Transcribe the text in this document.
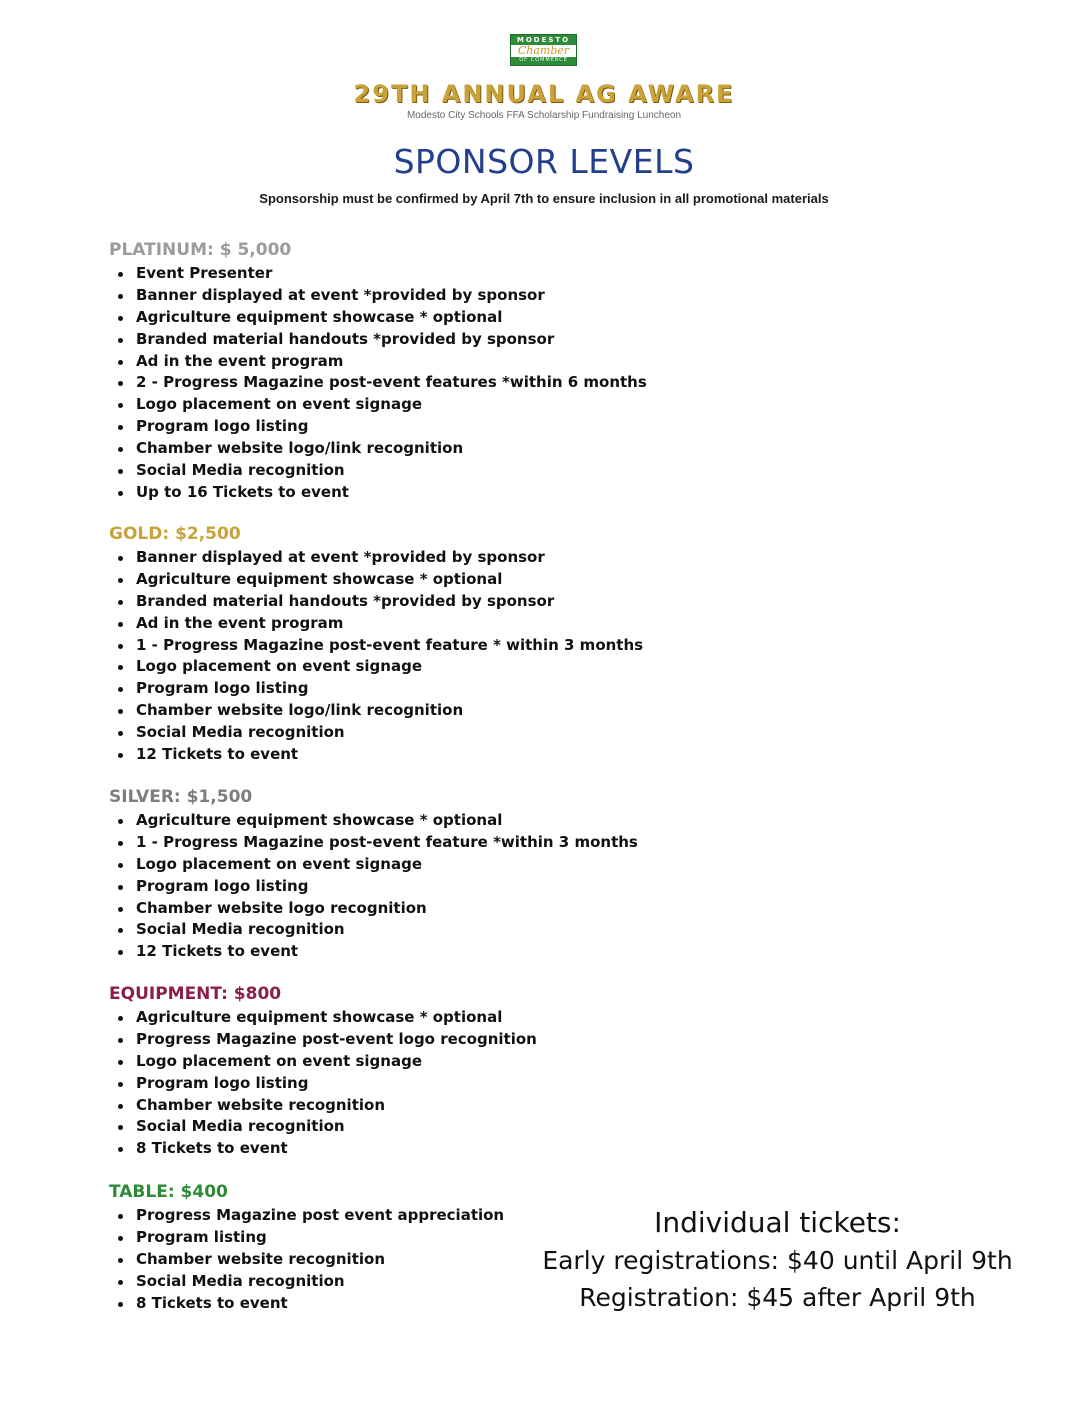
MODESTO
Chamber
OF COMMERCE
29TH ANNUAL AG AWARE
Modesto City Schools FFA Scholarship Fundraising Luncheon
SPONSOR LEVELS
Sponsorship must be confirmed by April 7th to ensure inclusion in all promotional materials
PLATINUM: $ 5,000
Event Presenter
Banner displayed at event *provided by sponsor
Agriculture equipment showcase * optional
Branded material handouts *provided by sponsor
Ad in the event program
2 - Progress Magazine post-event features *within 6 months
Logo placement on event signage
Program logo listing
Chamber website logo/link recognition
Social Media recognition
Up to 16 Tickets to event
GOLD: $2,500
Banner displayed at event *provided by sponsor
Agriculture equipment showcase * optional
Branded material handouts *provided by sponsor
Ad in the event program
1 - Progress Magazine post-event feature * within 3 months
Logo placement on event signage
Program logo listing
Chamber website logo/link recognition
Social Media recognition
12 Tickets to event
SILVER: $1,500
Agriculture equipment showcase * optional
1 - Progress Magazine post-event feature *within 3 months
Logo placement on event signage
Program logo listing
Chamber website logo recognition
Social Media recognition
12 Tickets to event
EQUIPMENT: $800
Agriculture equipment showcase * optional
Progress Magazine post-event logo recognition
Logo placement on event signage
Program logo listing
Chamber website recognition
Social Media recognition
8 Tickets to event
TABLE: $400
Progress Magazine post event appreciation
Program listing
Chamber website recognition
Social Media recognition
8 Tickets to event
Individual tickets:
Early registrations: $40 until April 9th
Registration: $45 after April 9th
